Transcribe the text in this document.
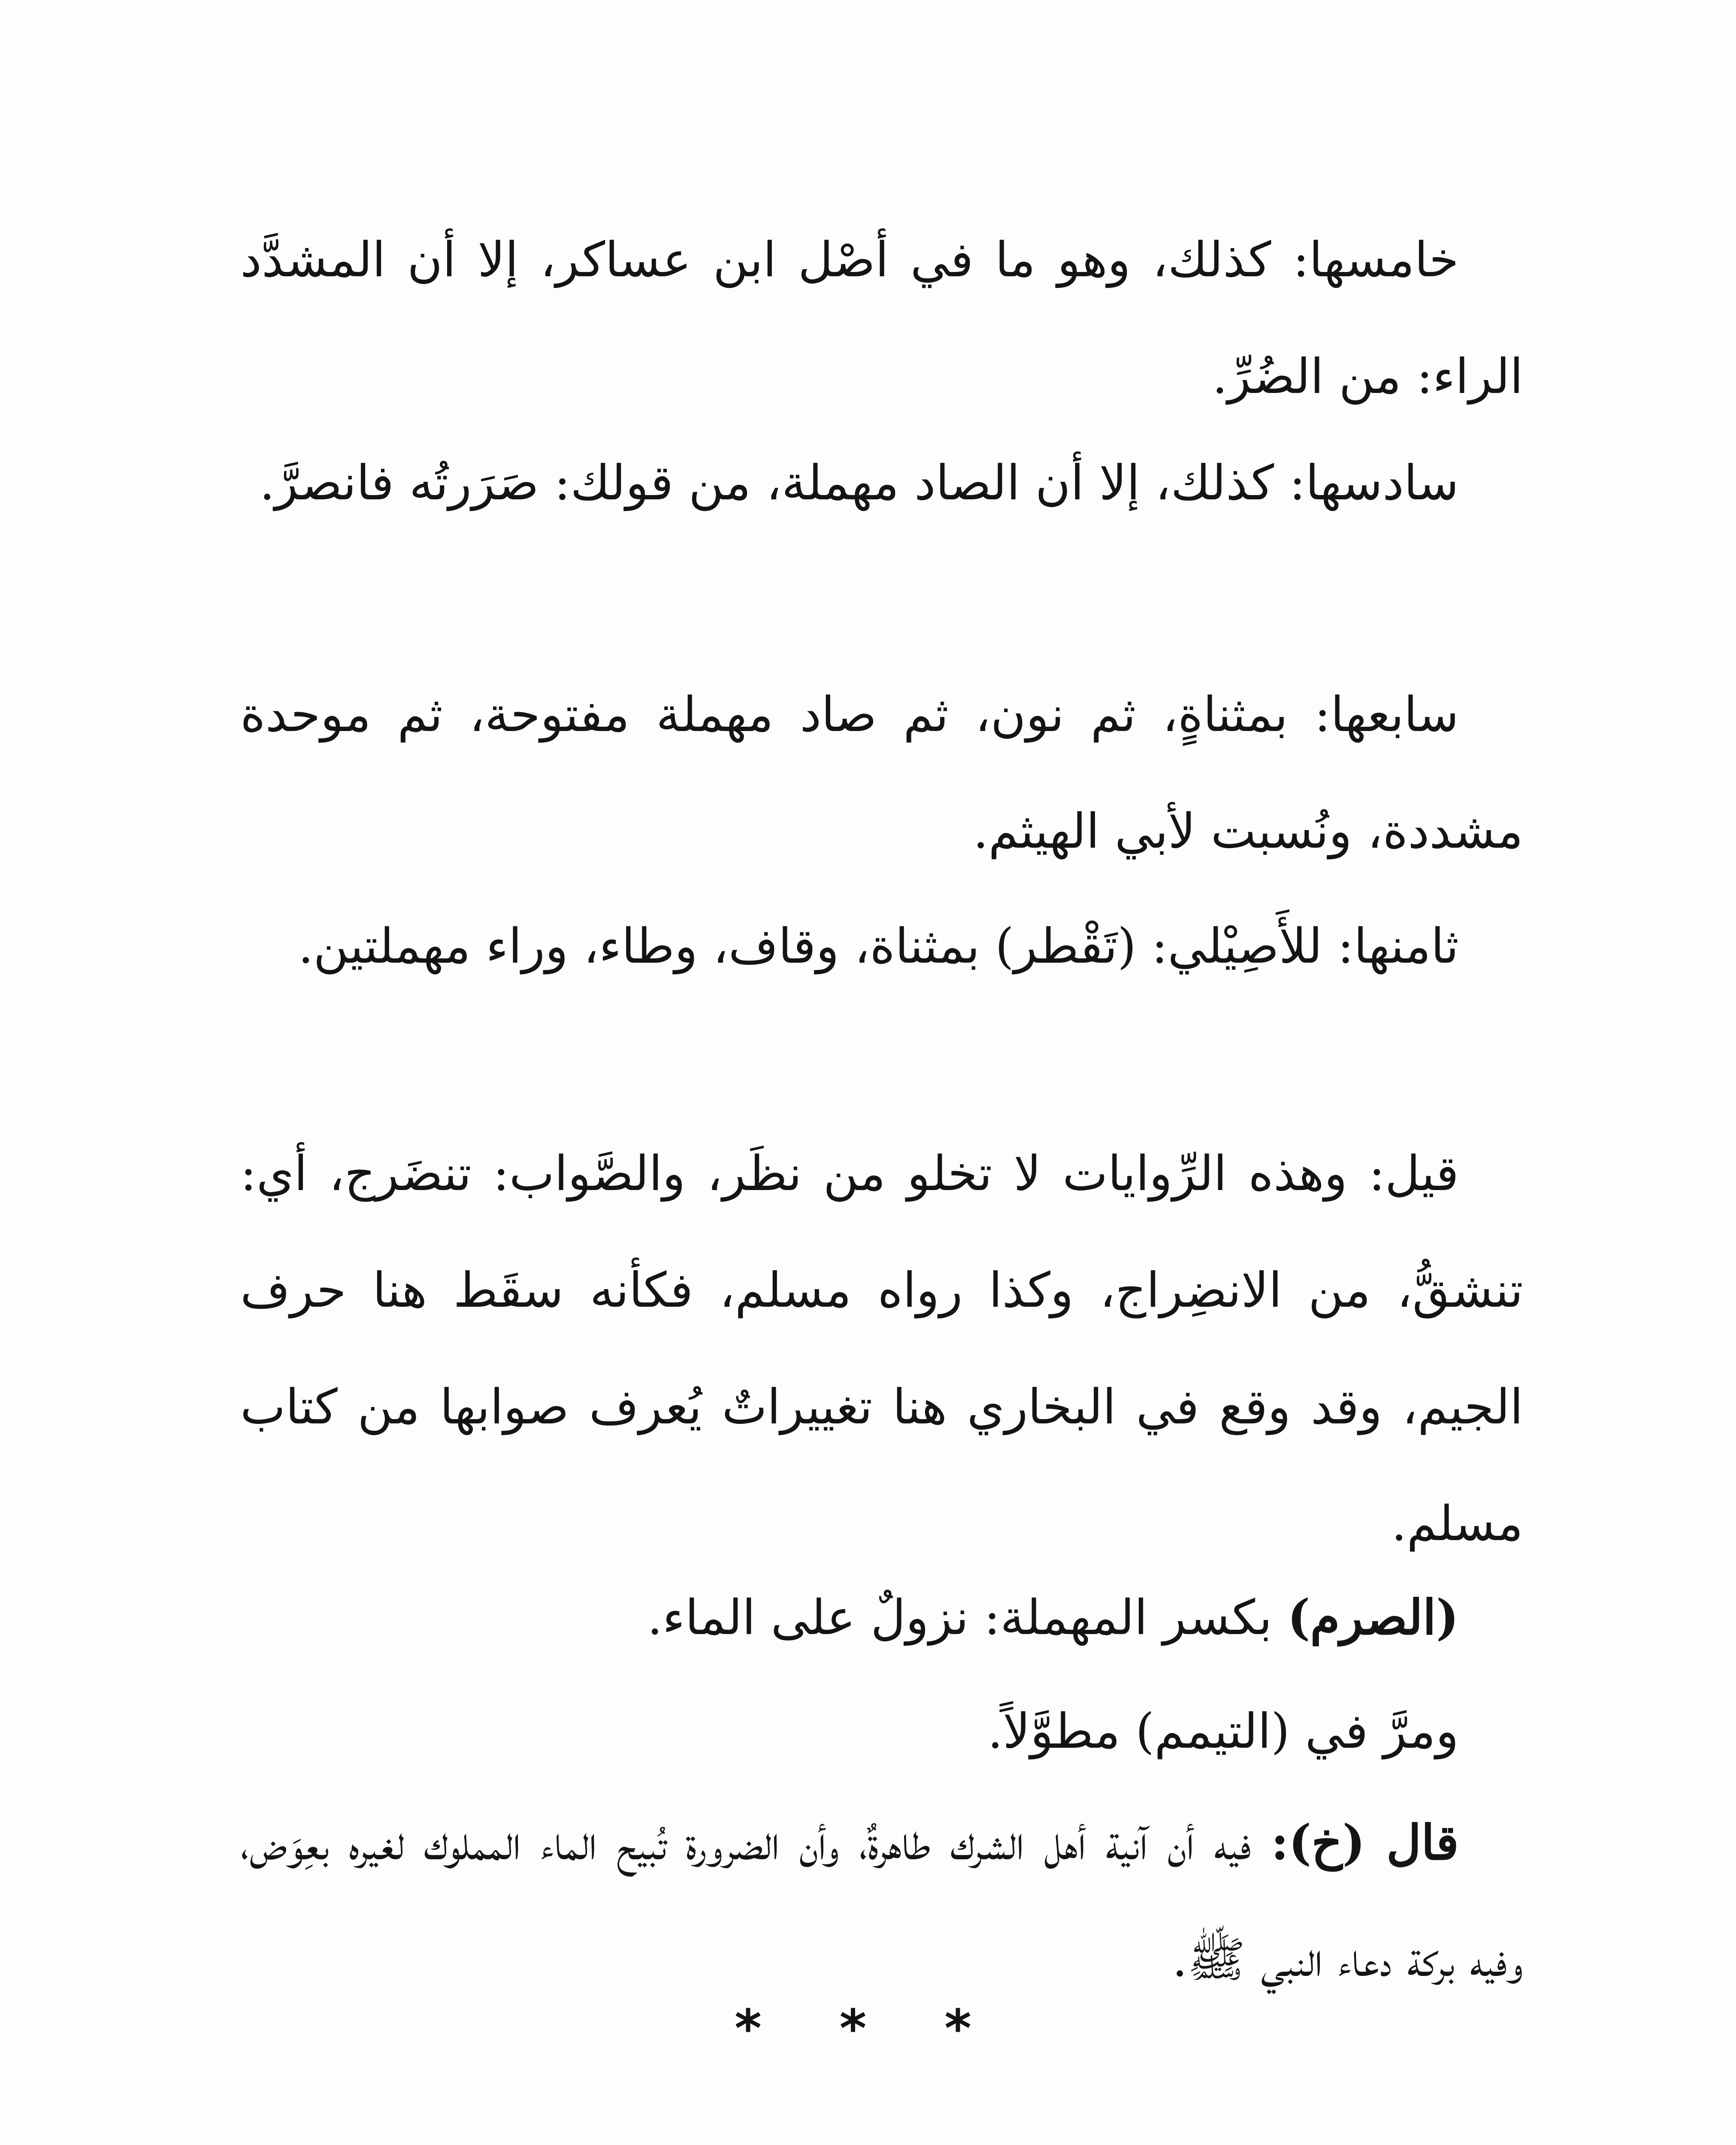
خامسها: كذلك، وهو ما في أصْل ابن عساكر، إلا أن المشدَّد الراء: من الضُرِّ.

سادسها: كذلك، إلا أن الصاد مهملة، من قولك: صَرَرتُه فانصرَّ.

سابعها: بمثناةٍ، ثم نون، ثم صاد مهملة مفتوحة، ثم موحدة مشددة، ونُسبت لأبي الهيثم.

ثامنها: للأَصِيْلي: (تَقْطر) بمثناة، وقاف، وطاء، وراء مهملتين.

قيل: وهذه الرِّوايات لا تخلو من نظَر، والصَّواب: تنضَرج، أي: تنشقُّ، من الانضِراج، وكذا رواه مسلم، فكأنه سقَط هنا حرف الجيم، وقد وقع في البخاري هنا تغييراتٌ يُعرف صوابها من كتاب مسلم.

(الصرم) بكسر المهملة: نزولٌ على الماء.

ومرَّ في (التيمم) مطوَّلاً.

قال (خ): فيه أن آنية أهل الشرك طاهرةٌ، وأن الضرورة تُبيح الماء المملوك لغيره بعِوَض، وفيه بركة دعاء النبي ﷺ.

* * *
